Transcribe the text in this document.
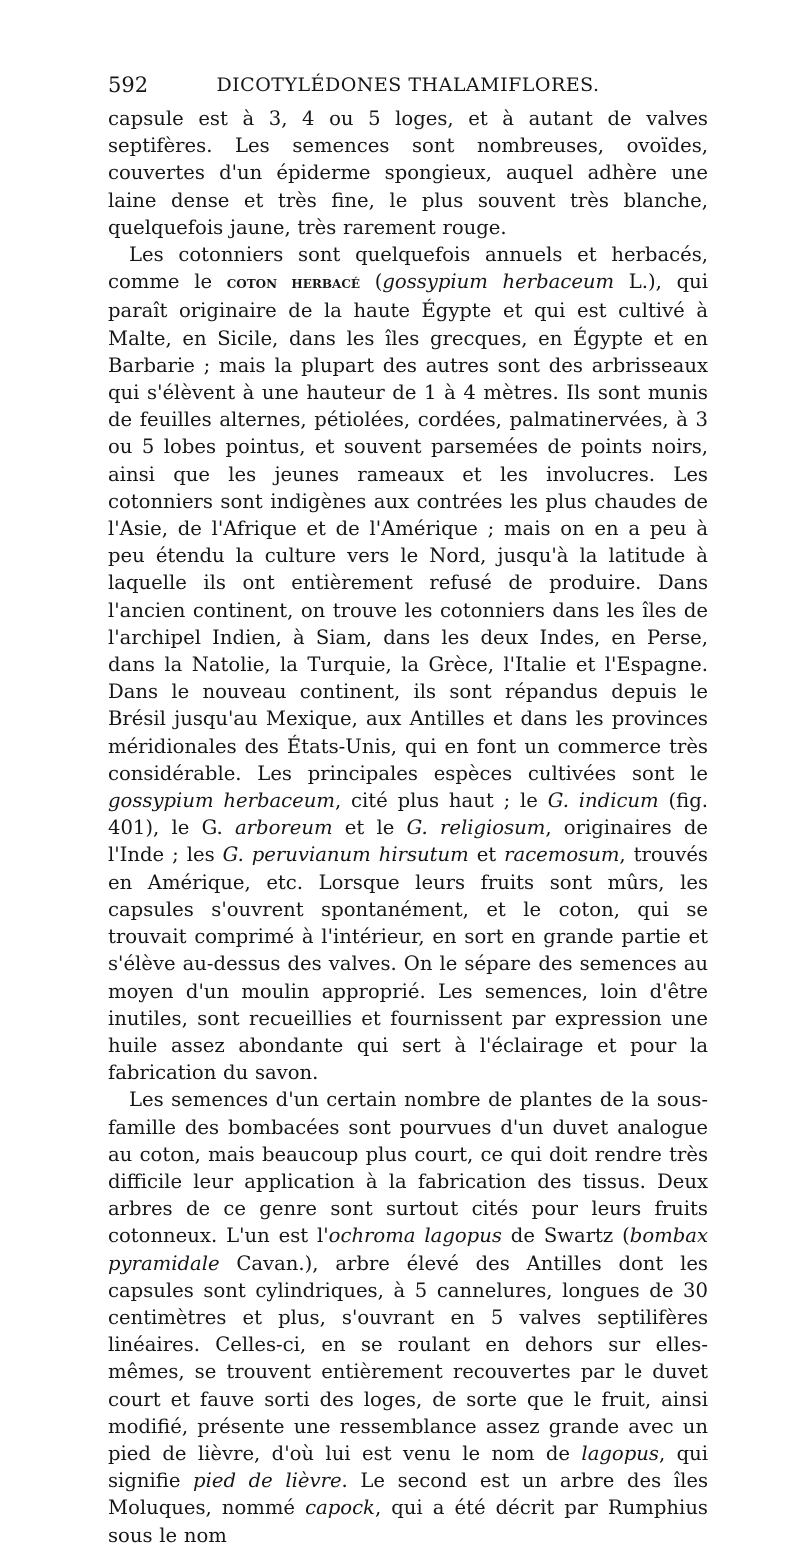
592	DICOTYLÉDONES THALAMIFLORES.

capsule est à 3, 4 ou 5 loges, et à autant de valves septifères. Les semences sont nombreuses, ovoïdes, couvertes d'un épiderme spongieux, auquel adhère une laine dense et très fine, le plus souvent très blanche, quelquefois jaune, très rarement rouge.

Les cotonniers sont quelquefois annuels et herbacés, comme le coton herbacé (gossypium herbaceum L.), qui paraît originaire de la haute Égypte et qui est cultivé à Malte, en Sicile, dans les îles grecques, en Égypte et en Barbarie ; mais la plupart des autres sont des arbrisseaux qui s'élèvent à une hauteur de 1 à 4 mètres. Ils sont munis de feuilles alternes, pétiolées, cordées, palmatinervées, à 3 ou 5 lobes pointus, et souvent parsemées de points noirs, ainsi que les jeunes rameaux et les involucres. Les cotonniers sont indigènes aux contrées les plus chaudes de l'Asie, de l'Afrique et de l'Amérique ; mais on en a peu à peu étendu la culture vers le Nord, jusqu'à la latitude à laquelle ils ont entièrement refusé de produire. Dans l'ancien continent, on trouve les cotonniers dans les îles de l'archipel Indien, à Siam, dans les deux Indes, en Perse, dans la Natolie, la Turquie, la Grèce, l'Italie et l'Espagne. Dans le nouveau continent, ils sont répandus depuis le Brésil jusqu'au Mexique, aux Antilles et dans les provinces méridionales des États-Unis, qui en font un commerce très considérable. Les principales espèces cultivées sont le gossypium herbaceum, cité plus haut ; le G. indicum (fig. 401), le G. arboreum et le G. religiosum, originaires de l'Inde ; les G. peruvianum hirsutum et racemosum, trouvés en Amérique, etc. Lorsque leurs fruits sont mûrs, les capsules s'ouvrent spontanément, et le coton, qui se trouvait comprimé à l'intérieur, en sort en grande partie et s'élève au-dessus des valves. On le sépare des semences au moyen d'un moulin approprié. Les semences, loin d'être inutiles, sont recueillies et fournissent par expression une huile assez abondante qui sert à l'éclairage et pour la fabrication du savon.

Les semences d'un certain nombre de plantes de la sous-famille des bombacées sont pourvues d'un duvet analogue au coton, mais beaucoup plus court, ce qui doit rendre très difficile leur application à la fabrication des tissus. Deux arbres de ce genre sont surtout cités pour leurs fruits cotonneux. L'un est l'ochroma lagopus de Swartz (bombax pyramidale Cavan.), arbre élevé des Antilles dont les capsules sont cylindriques, à 5 cannelures, longues de 30 centimètres et plus, s'ouvrant en 5 valves septilifères linéaires. Celles-ci, en se roulant en dehors sur elles-mêmes, se trouvent entièrement recouvertes par le duvet court et fauve sorti des loges, de sorte que le fruit, ainsi modifié, présente une ressemblance assez grande avec un pied de lièvre, d'où lui est venu le nom de lagopus, qui signifie pied de lièvre. Le second est un arbre des îles Moluques, nommé capock, qui a été décrit par Rumphius sous le nom
